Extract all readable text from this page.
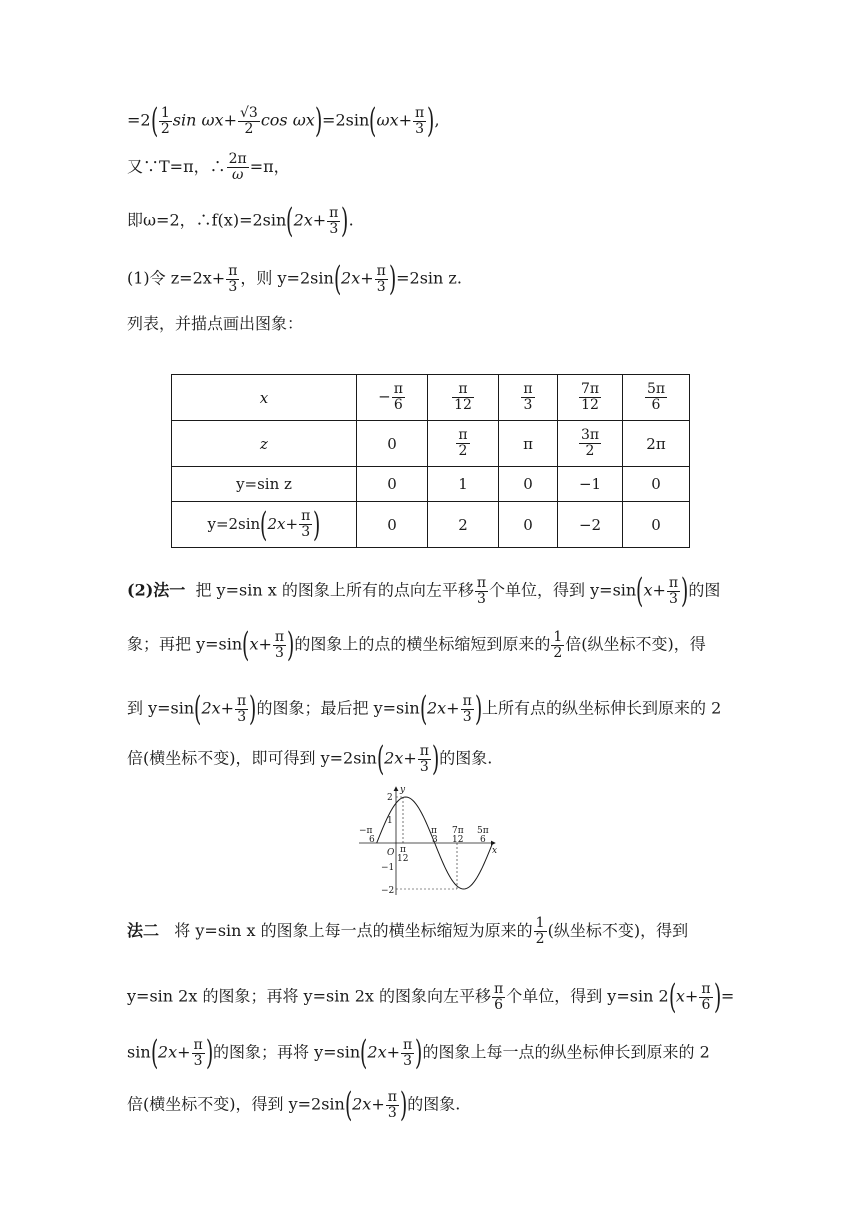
$=2( \frac{1}{2}$ $\sin \omega x+ \frac{√3}{2}$ $\cos \omega x)=2\sin(\omega x+ \frac{\pi}{3}$ ),
又∵T=π，∴ $\frac{2\pi}{\omega} =\pi$，
即ω=2，∴f(x)=2sin(2x+ $\frac{\pi}{3}$ ).
(1)令 $z=2x+ \frac{\pi}{3}$ ，则 $y=2\sin(2x+ \frac{\pi}{3} )=2\sin$ z.
列表，并描点画出图象：
x	− $\frac{\pi}{6}$	$\frac{\pi}{12}$	$\frac{\pi}{3}$	$\frac{7\pi}{12}$	$\frac{5\pi}{6}$

z	0	$\frac{\pi}{2}$	π	$\frac{3\pi}{2}$	2π
y=sin z	0	1	0	−1	0
$y=2\sin(2x+ \frac{\pi}{3}$ )	0	2	0	−2	0
(2)法一 把 y=sin x 的图象上所有的点向左平移 $\frac{\pi}{3}$ 个单位，得到 $y=\sin(x+ \frac{\pi}{3}$ )的图
象；再把 $y=\sin(x+ \frac{\pi}{3}$ )的图象上的点的横坐标缩短到原来的 $\frac{1}{2}$ 倍(纵坐标不变)，得
到 $y=\sin(2x+ \frac{\pi}{3}$ )的图象；最后把 $y=\sin(2x+ \frac{\pi}{3}$ )上所有点的纵坐标伸长到原来的 2
倍(横坐标不变)，即可得到 $y=2\sin(2x+ \frac{\pi}{3}$ )的图象.
y
x
O
2
1
−1
−2
−π
6
π
12
π
3
7π
12
5π
6
法二 将 y=sin x 的图象上每一点的横坐标缩短为原来的 $\frac{1}{2}$ (纵坐标不变)，得到
y=sin 2x 的图象；再将 y=sin 2x 的图象向左平移 $\frac{\pi}{6}$ 个单位，得到 y=sin $2(x+ \frac{\pi}{6}$ )=
$\sin(2x+ \frac{\pi}{3}$ )的图象；再将 $y=\sin(2x+ \frac{\pi}{3}$ )的图象上每一点的纵坐标伸长到原来的 2
倍(横坐标不变)，得到 $y=2\sin(2x+ \frac{\pi}{3}$ )的图象.
